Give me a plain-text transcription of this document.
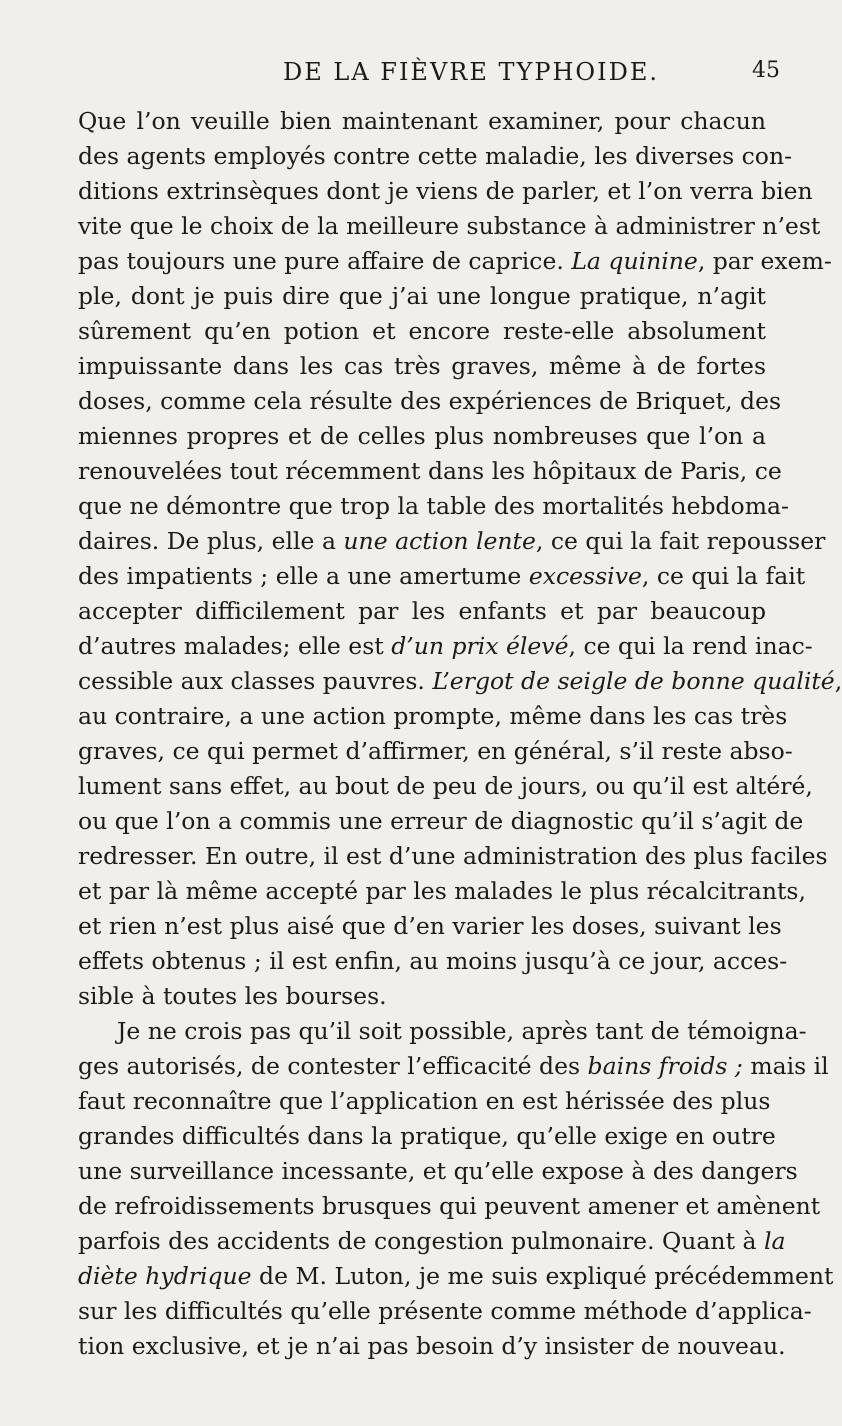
DE LA FIÈVRE TYPHOIDE.	45
Que l’on veuille bien maintenant examiner, pour chacun
des agents employés contre cette maladie, les diverses con-
ditions extrinsèques dont je viens de parler, et l’on verra bien
vite que le choix de la meilleure substance à administrer n’est
pas toujours une pure affaire de caprice. La quinine, par exem-
ple, dont je puis dire que j’ai une longue pratique, n’agit
sûrement qu’en potion et encore reste-elle absolument
impuissante dans les cas très graves, même à de fortes
doses, comme cela résulte des expériences de Briquet, des
miennes propres et de celles plus nombreuses que l’on a
renouvelées tout récemment dans les hôpitaux de Paris, ce
que ne démontre que trop la table des mortalités hebdoma-
daires. De plus, elle a une action lente, ce qui la fait repousser
des impatients ; elle a une amertume excessive, ce qui la fait
accepter difficilement par les enfants et par beaucoup
d’autres malades; elle est d’un prix élevé, ce qui la rend inac-
cessible aux classes pauvres. L’ergot de seigle de bonne qualité,
au contraire, a une action prompte, même dans les cas très
graves, ce qui permet d’affirmer, en général, s’il reste abso-
lument sans effet, au bout de peu de jours, ou qu’il est altéré,
ou que l’on a commis une erreur de diagnostic qu’il s’agit de
redresser. En outre, il est d’une administration des plus faciles
et par là même accepté par les malades le plus récalcitrants,
et rien n’est plus aisé que d’en varier les doses, suivant les
effets obtenus ; il est enfin, au moins jusqu’à ce jour, acces-
sible à toutes les bourses.
Je ne crois pas qu’il soit possible, après tant de témoigna-
ges autorisés, de contester l’efficacité des bains froids ; mais il
faut reconnaître que l’application en est hérissée des plus
grandes difficultés dans la pratique, qu’elle exige en outre
une surveillance incessante, et qu’elle expose à des dangers
de refroidissements brusques qui peuvent amener et amènent
parfois des accidents de congestion pulmonaire. Quant à la
diète hydrique de M. Luton, je me suis expliqué précédemment
sur les difficultés qu’elle présente comme méthode d’applica-
tion exclusive, et je n’ai pas besoin d’y insister de nouveau.
